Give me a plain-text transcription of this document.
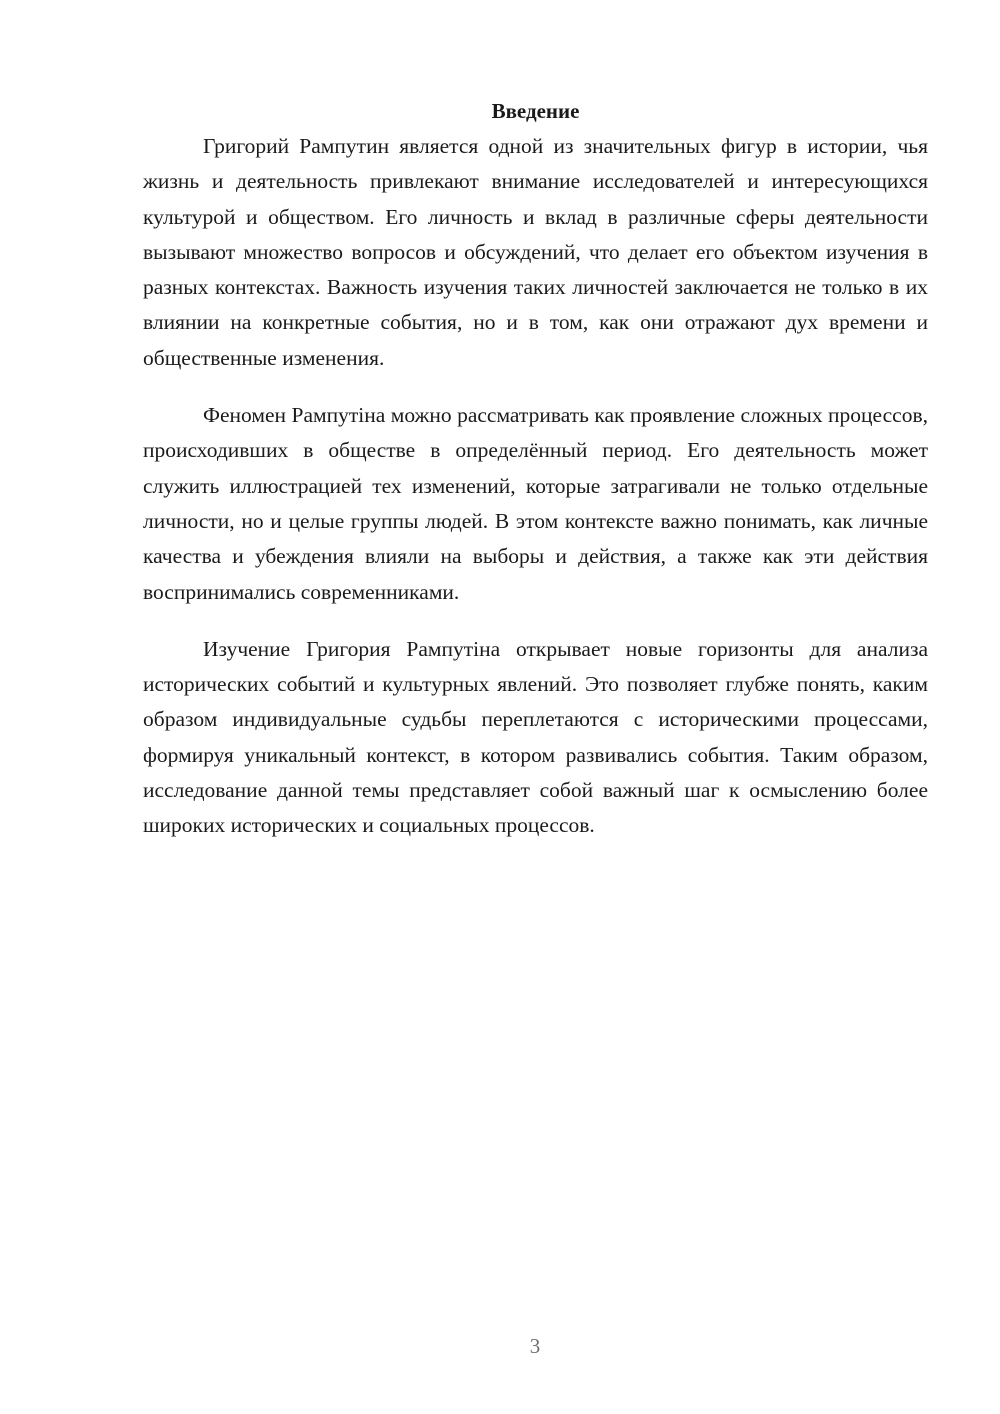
Введение

Григорий Рампутин является одной из значительных фигур в истории, чья жизнь и деятельность привлекают внимание исследователей и интересующихся культурой и обществом. Его личность и вклад в различные сферы деятельности вызывают множество вопросов и обсуждений, что делает его объектом изучения в разных контекстах. Важность изучения таких личностей заключается не только в их влиянии на конкретные события, но и в том, как они отражают дух времени и общественные изменения.

Феномен Рампутіна можно рассматривать как проявление сложных процессов, происходивших в обществе в определённый период. Его деятельность может служить иллюстрацией тех изменений, которые затрагивали не только отдельные личности, но и целые группы людей. В этом контексте важно понимать, как личные качества и убеждения влияли на выборы и действия, а также как эти действия воспринимались современниками.

Изучение Григория Рампутіна открывает новые горизонты для анализа исторических событий и культурных явлений. Это позволяет глубже понять, каким образом индивидуальные судьбы переплетаются с историческими процессами, формируя уникальный контекст, в котором развивались события. Таким образом, исследование данной темы представляет собой важный шаг к осмыслению более широких исторических и социальных процессов.

3
